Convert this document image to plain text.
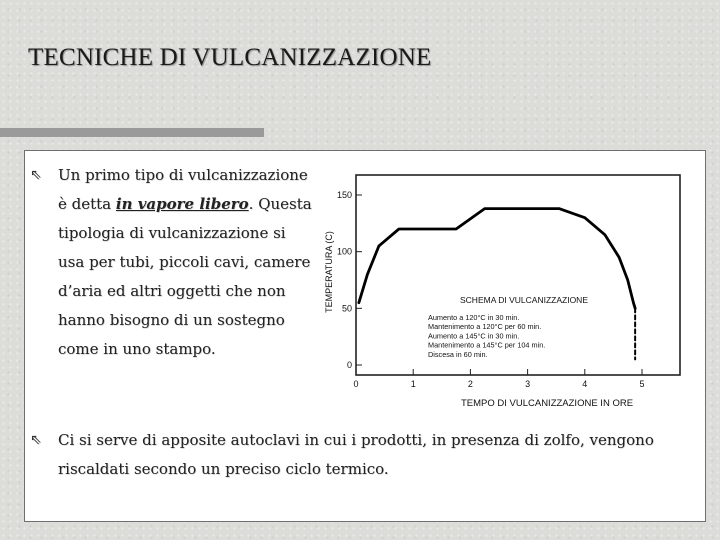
TECNICHE DI VULCANIZZAZIONE
⇖ Un primo tipo di vulcanizzazione è detta in vapore libero. Questa tipologia di vulcanizzazione si usa per tubi, piccoli cavi, camere d’aria ed altri oggetti che non hanno bisogno di un sostegno come in uno stampo.
⇖ Ci si serve di apposite autoclavi in cui i prodotti, in presenza di zolfo, vengono riscaldati secondo un preciso ciclo termico.
TEMPERATURA (C)
TEMPO DI VULCANIZZAZIONE IN ORE
0	1	2	3	4	5
0
50
100
150
SCHEMA DI VULCANIZZAZIONE
Aumento a 120°C in 30 min.
Mantenimento a 120°C per 60 min.
Aumento a 145°C in 30 min.
Mantenimento a 145°C per 104 min.
Discesa in 60 min.
